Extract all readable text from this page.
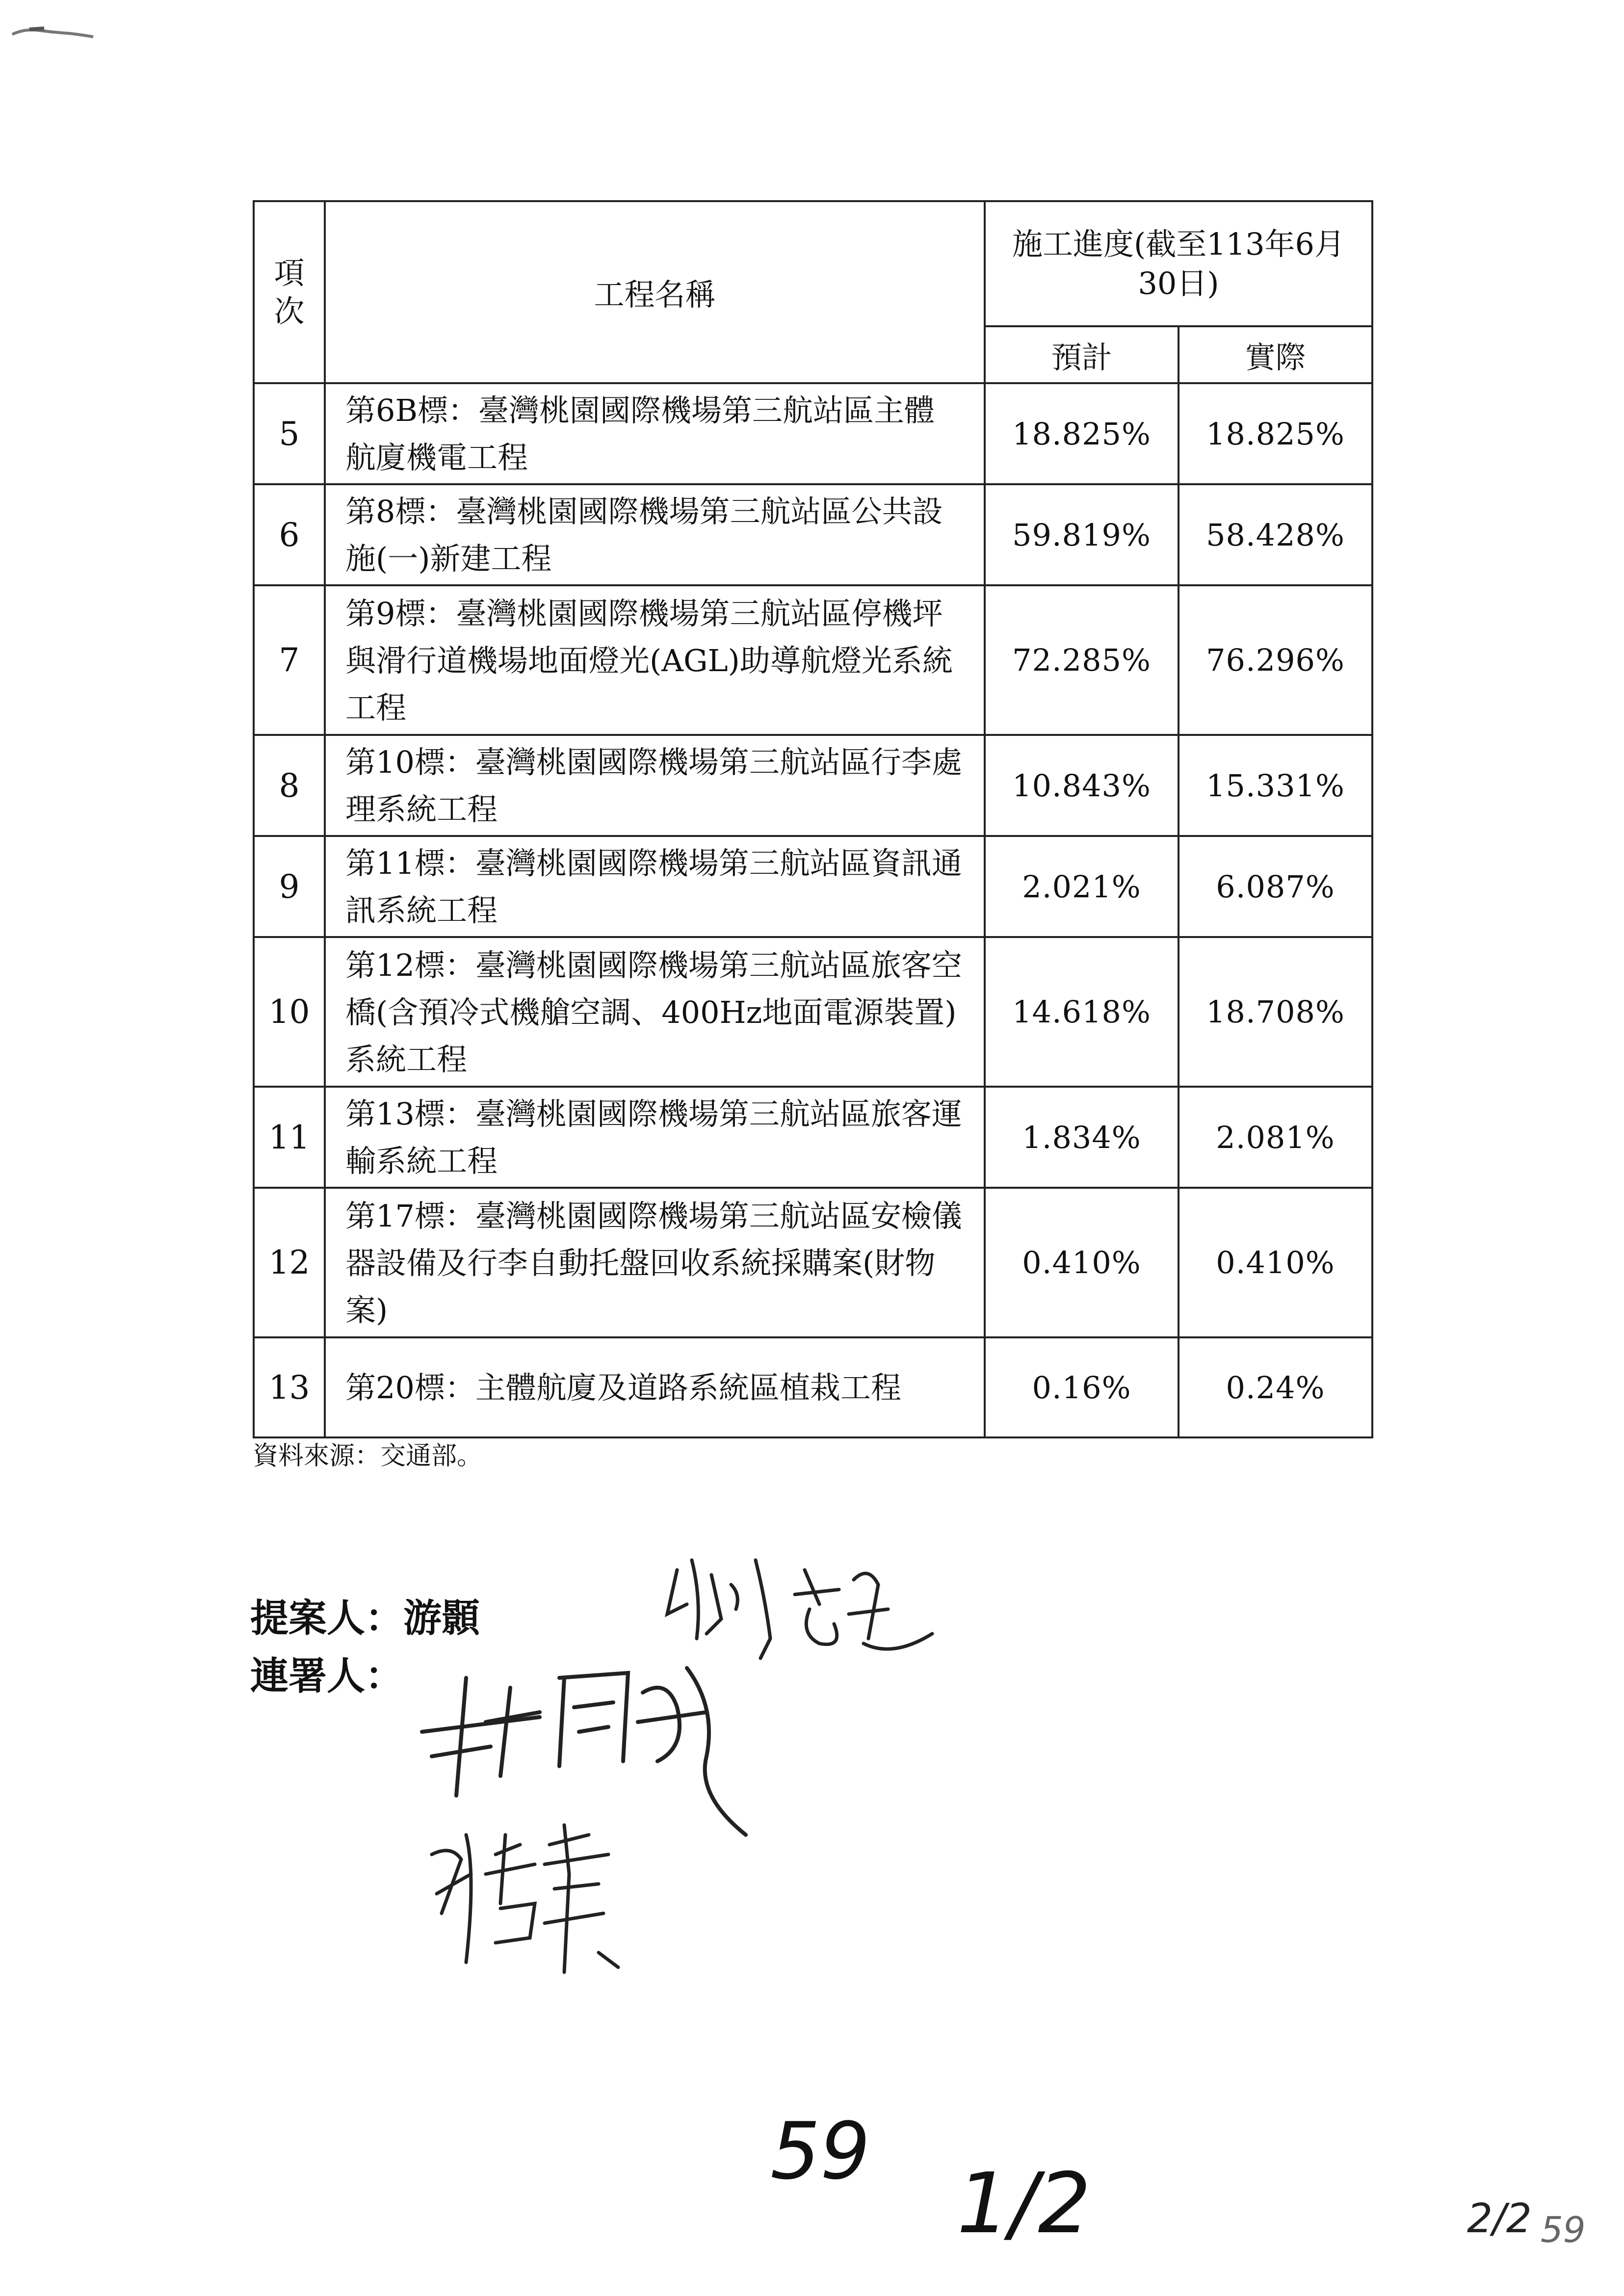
項次	工程名稱	施工進度(截至113年6月30日)	

		預計	實際
5	第6B標：臺灣桃園國際機場第三航站區主體航廈機電工程	18.825%	18.825%
6	第8標：臺灣桃園國際機場第三航站區公共設施(一)新建工程	59.819%	58.428%
7	第9標：臺灣桃園國際機場第三航站區停機坪與滑行道機場地面燈光(AGL)助導航燈光系統工程	72.285%	76.296%
8	第10標：臺灣桃園國際機場第三航站區行李處理系統工程	10.843%	15.331%
9	第11標：臺灣桃園國際機場第三航站區資訊通訊系統工程	2.021%	6.087%
10	第12標：臺灣桃園國際機場第三航站區旅客空橋(含預冷式機艙空調、400Hz地面電源裝置)系統工程	14.618%	18.708%
11	第13標：臺灣桃園國際機場第三航站區旅客運輸系統工程	1.834%	2.081%
12	第17標：臺灣桃園國際機場第三航站區安檢儀器設備及行李自動托盤回收系統採購案(財物案)	0.410%	0.410%
13	第20標：主體航廈及道路系統區植栽工程	0.16%	0.24%
資料來源：交通部。
提案人：游顥
連署人：
59
1/2	2/2 59
